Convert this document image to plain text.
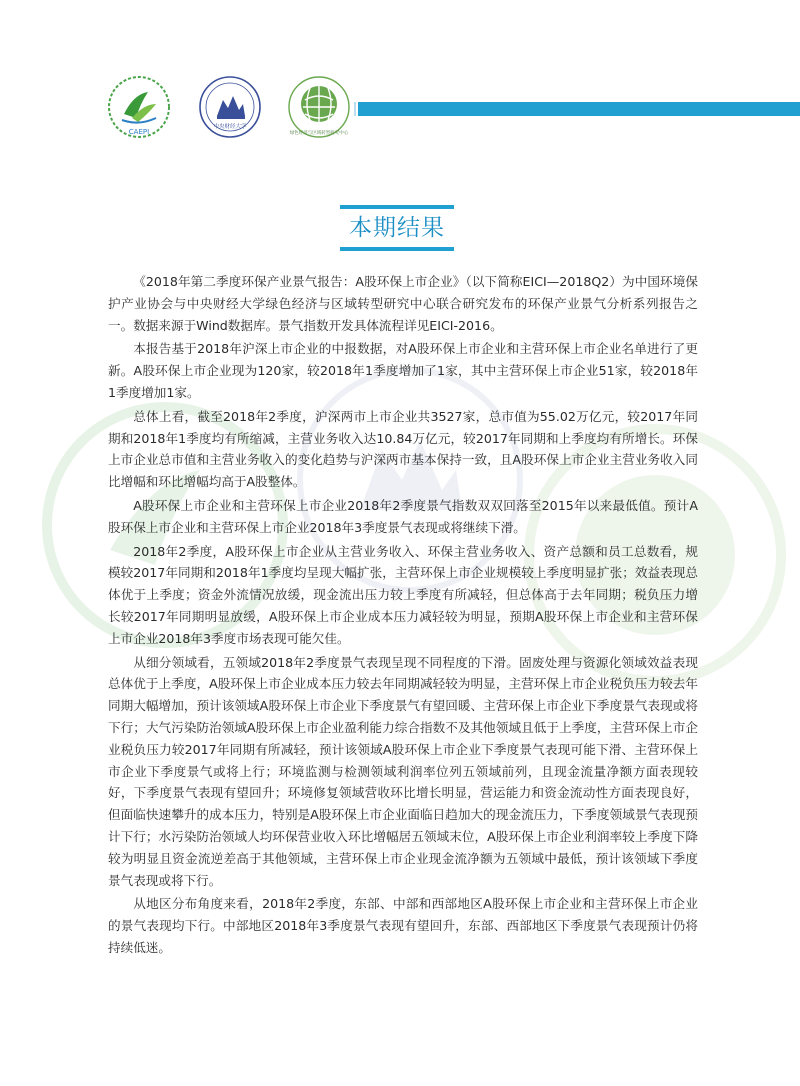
CAEPI
中央财经大学
绿色经济与区域转型研究中心
本期结果

《2018年第二季度环保产业景气报告：A股环保上市企业》（以下简称EICI—2018Q2）为中国环境保护产业协会与中央财经大学绿色经济与区域转型研究中心联合研究发布的环保产业景气分析系列报告之一。数据来源于Wind数据库。景气指数开发具体流程详见EICI-2016。

本报告基于2018年沪深上市企业的中报数据，对A股环保上市企业和主营环保上市企业名单进行了更新。A股环保上市企业现为120家，较2018年1季度增加了1家，其中主营环保上市企业51家，较2018年1季度增加1家。

总体上看，截至2018年2季度，沪深两市上市企业共3527家，总市值为55.02万亿元，较2017年同期和2018年1季度均有所缩减，主营业务收入达10.84万亿元，较2017年同期和上季度均有所增长。环保上市企业总市值和主营业务收入的变化趋势与沪深两市基本保持一致，且A股环保上市企业主营业务收入同比增幅和环比增幅均高于A股整体。

A股环保上市企业和主营环保上市企业2018年2季度景气指数双双回落至2015年以来最低值。预计A股环保上市企业和主营环保上市企业2018年3季度景气表现或将继续下滑。

2018年2季度，A股环保上市企业从主营业务收入、环保主营业务收入、资产总额和员工总数看，规模较2017年同期和2018年1季度均呈现大幅扩张，主营环保上市企业规模较上季度明显扩张；效益表现总体优于上季度；资金外流情况放缓，现金流出压力较上季度有所减轻，但总体高于去年同期；税负压力增长较2017年同期明显放缓，A股环保上市企业成本压力减轻较为明显，预期A股环保上市企业和主营环保上市企业2018年3季度市场表现可能欠佳。

从细分领域看，五领域2018年2季度景气表现呈现不同程度的下滑。固废处理与资源化领域效益表现总体优于上季度，A股环保上市企业成本压力较去年同期减轻较为明显，主营环保上市企业税负压力较去年同期大幅增加，预计该领域A股环保上市企业下季度景气有望回暖、主营环保上市企业下季度景气表现或将下行；大气污染防治领域A股环保上市企业盈利能力综合指数不及其他领域且低于上季度，主营环保上市企业税负压力较2017年同期有所减轻，预计该领域A股环保上市企业下季度景气表现可能下滑、主营环保上市企业下季度景气或将上行；环境监测与检测领域利润率位列五领域前列，且现金流量净额方面表现较好，下季度景气表现有望回升；环境修复领域营收环比增长明显，营运能力和资金流动性方面表现良好，但面临快速攀升的成本压力，特别是A股环保上市企业面临日趋加大的现金流压力，下季度领域景气表现预计下行；水污染防治领域人均环保营业收入环比增幅居五领域末位，A股环保上市企业利润率较上季度下降较为明显且资金流逆差高于其他领域，主营环保上市企业现金流净额为五领域中最低，预计该领域下季度景气表现或将下行。

从地区分布角度来看，2018年2季度，东部、中部和西部地区A股环保上市企业和主营环保上市企业的景气表现均下行。中部地区2018年3季度景气表现有望回升，东部、西部地区下季度景气表现预计仍将持续低迷。
